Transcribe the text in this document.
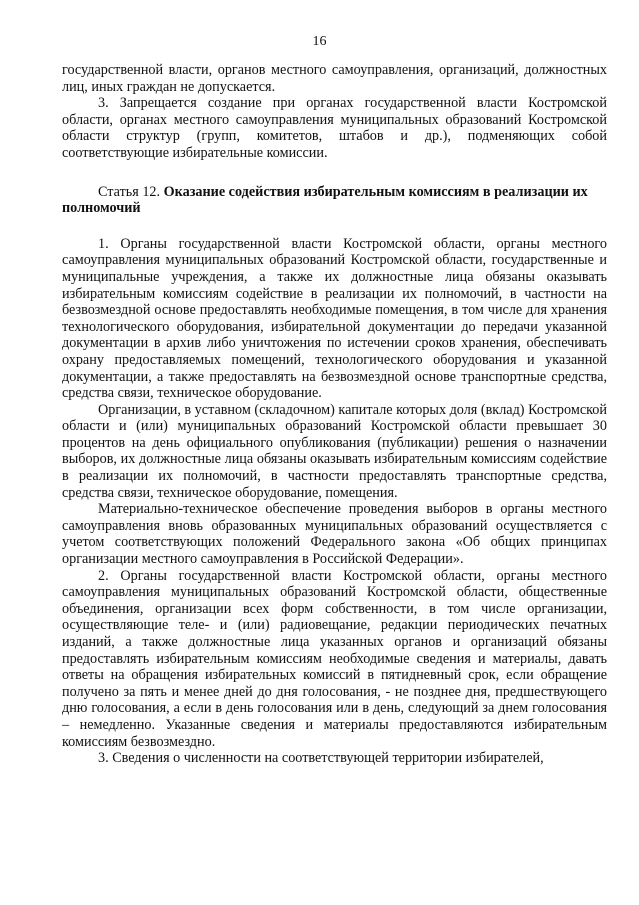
16

государственной власти, органов местного самоуправления, организаций, должностных лиц, иных граждан не допускается.

3. Запрещается создание при органах государственной власти Костромской области, органах местного самоуправления муниципальных образований Костромской области структур (групп, комитетов, штабов и др.), подменяющих собой соответствующие избирательные комиссии.

Статья 12. Оказание содействия избирательным комиссиям в реализации их полномочий

1. Органы государственной власти Костромской области, органы местного самоуправления муниципальных образований Костромской области, государственные и муниципальные учреждения, а также их должностные лица обязаны оказывать избирательным комиссиям содействие в реализации их полномочий, в частности на безвозмездной основе предоставлять необходимые помещения, в том числе для хранения технологического оборудования, избирательной документации до передачи указанной документации в архив либо уничтожения по истечении сроков хранения, обеспечивать охрану предоставляемых помещений, технологического оборудования и указанной документации, а также предоставлять на безвозмездной основе транспортные средства, средства связи, техническое оборудование.

Организации, в уставном (складочном) капитале которых доля (вклад) Костромской области и (или) муниципальных образований Костромской области превышает 30 процентов на день официального опубликования (публикации) решения о назначении выборов, их должностные лица обязаны оказывать избирательным комиссиям содействие в реализации их полномочий, в частности предоставлять транспортные средства, средства связи, техническое оборудование, помещения.

Материально-техническое обеспечение проведения выборов в органы местного самоуправления вновь образованных муниципальных образований осуществляется с учетом соответствующих положений Федерального закона «Об общих принципах организации местного самоуправления в Российской Федерации».

2. Органы государственной власти Костромской области, органы местного самоуправления муниципальных образований Костромской области, общественные объединения, организации всех форм собственности, в том числе организации, осуществляющие теле- и (или) радиовещание, редакции периодических печатных изданий, а также должностные лица указанных органов и организаций обязаны предоставлять избирательным комиссиям необходимые сведения и материалы, давать ответы на обращения избирательных комиссий в пятидневный срок, если обращение получено за пять и менее дней до дня голосования, - не позднее дня, предшествующего дню голосования, а если в день голосования или в день, следующий за днем голосования – немедленно. Указанные сведения и материалы предоставляются избирательным комиссиям безвозмездно.

3. Сведения о численности на соответствующей территории избирателей,
